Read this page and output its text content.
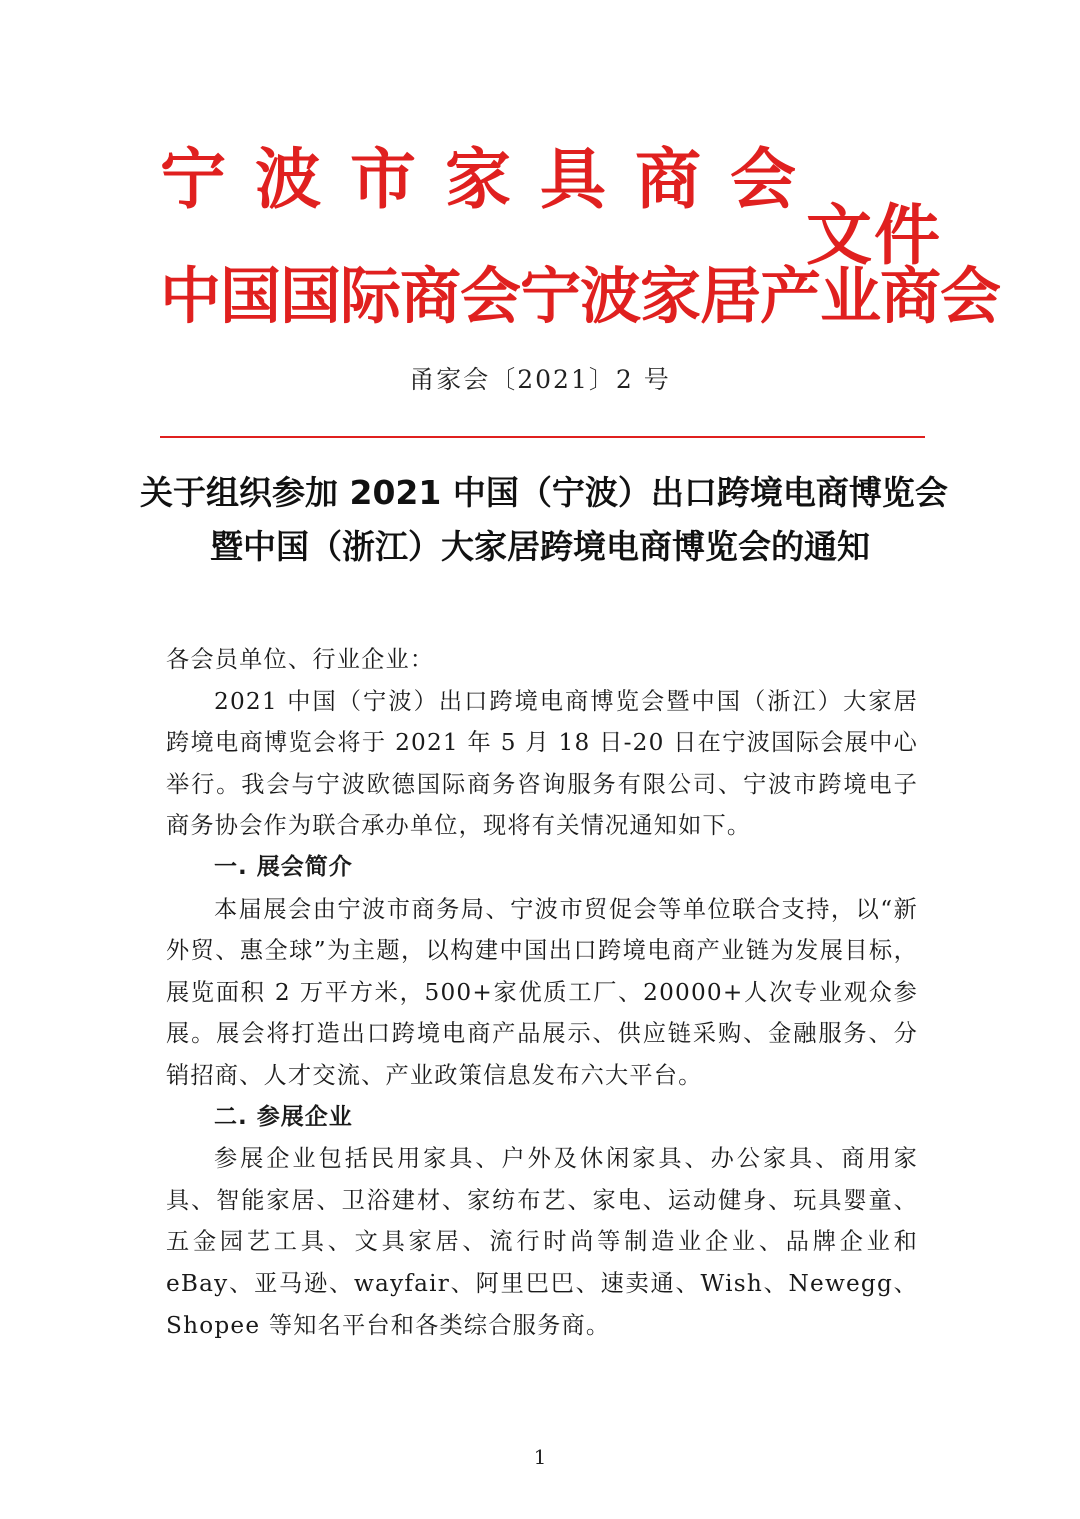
宁波市家具商会
中国国际商会宁波家居产业商会
文件
甬家会〔2021〕2 号
关于组织参加 2021 中国（宁波）出口跨境电商博览会
暨中国（浙江）大家居跨境电商博览会的通知

各会员单位、行业企业：

2021 中国（宁波）出口跨境电商博览会暨中国（浙江）大家居跨境电商博览会将于 2021 年 5 月 18 日-20 日在宁波国际会展中心举行。我会与宁波欧德国际商务咨询服务有限公司、宁波市跨境电子商务协会作为联合承办单位，现将有关情况通知如下。

一. 展会简介

本届展会由宁波市商务局、宁波市贸促会等单位联合支持，以“新外贸、惠全球”为主题，以构建中国出口跨境电商产业链为发展目标，展览面积 2 万平方米，500+家优质工厂、20000+人次专业观众参展。展会将打造出口跨境电商产品展示、供应链采购、金融服务、分销招商、人才交流、产业政策信息发布六大平台。

二. 参展企业

参展企业包括民用家具、户外及休闲家具、办公家具、商用家具、智能家居、卫浴建材、家纺布艺、家电、运动健身、玩具婴童、五金园艺工具、文具家居、流行时尚等制造业企业、品牌企业和 eBay、亚马逊、wayfair、阿里巴巴、速卖通、Wish、Newegg、Shopee 等知名平台和各类综合服务商。

1
